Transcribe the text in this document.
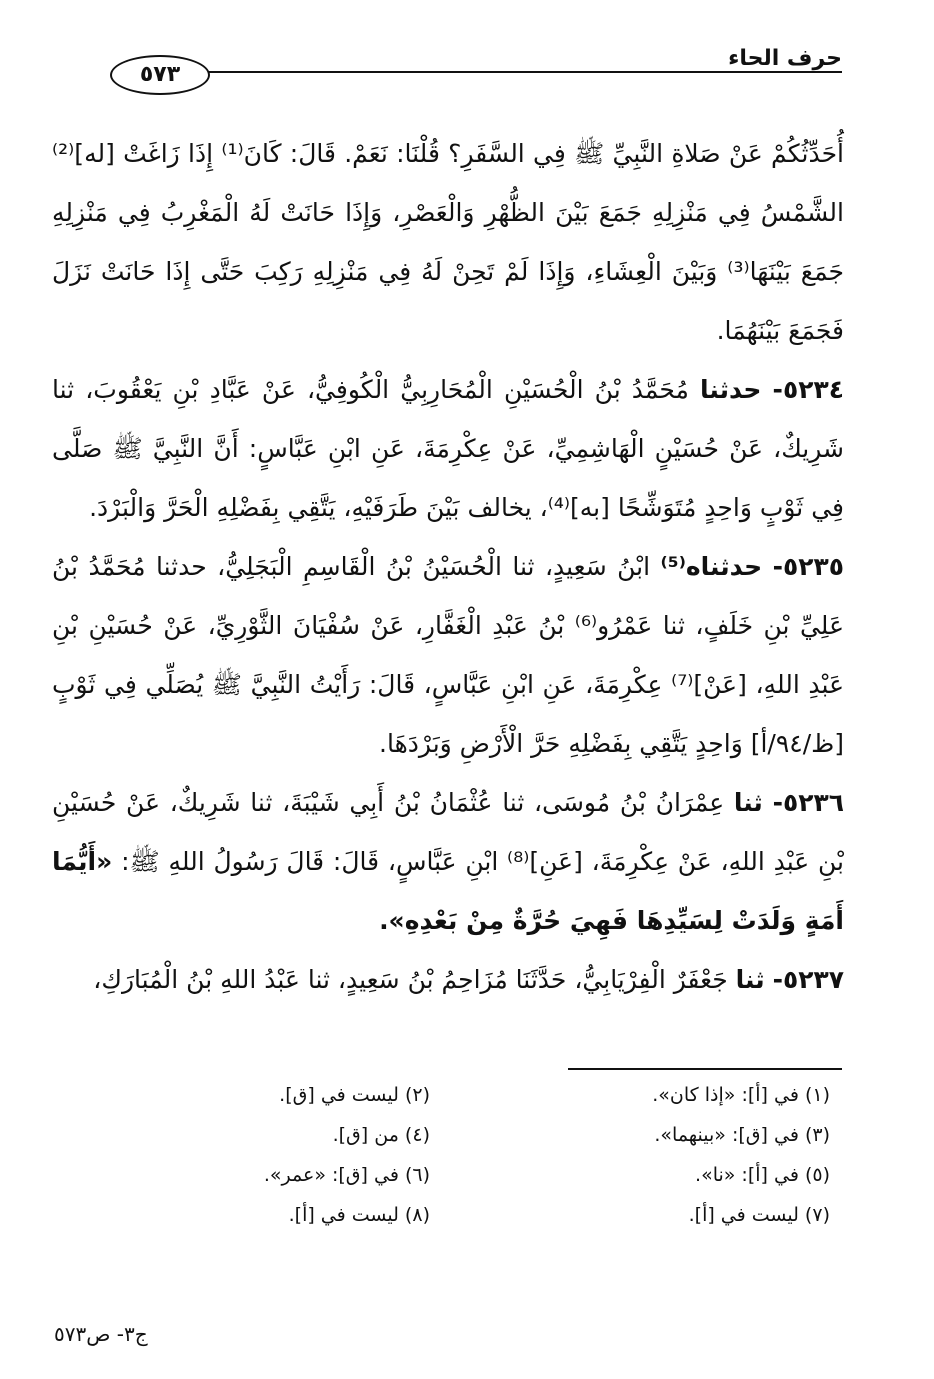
حرف الحاء
٥٧٣

أُحَدِّثُكُمْ عَنْ صَلاةِ النَّبِيِّ ﷺ فِي السَّفَرِ؟ قُلْنَا: نَعَمْ. قَالَ: كَانَ⁽¹⁾ إِذَا زَاغَتْ [له]⁽²⁾ الشَّمْسُ فِي مَنْزِلِهِ جَمَعَ بَيْنَ الظُّهْرِ وَالْعَصْرِ، وَإِذَا حَانَتْ لَهُ الْمَغْرِبُ فِي مَنْزِلِهِ جَمَعَ بَيْنَهَا⁽³⁾ وَبَيْنَ الْعِشَاءِ، وَإِذَا لَمْ تَحِنْ لَهُ فِي مَنْزِلِهِ رَكِبَ حَتَّى إِذَا حَانَتْ نَزَلَ فَجَمَعَ بَيْنَهُمَا.

٥٢٣٤- حدثنا مُحَمَّدُ بْنُ الْحُسَيْنِ الْمُحَارِبِيُّ الْكُوفِيُّ، عَنْ عَبَّادِ بْنِ يَعْقُوبَ، ثنا شَرِيكٌ، عَنْ حُسَيْنٍ الْهَاشِمِيِّ، عَنْ عِكْرِمَةَ، عَنِ ابْنِ عَبَّاسٍ: أَنَّ النَّبِيَّ ﷺ صَلَّى فِي ثَوْبٍ وَاحِدٍ مُتَوَشِّحًا [به]⁽⁴⁾، يخالف بَيْنَ طَرَفَيْهِ، يَتَّقِي بِفَضْلِهِ الْحَرَّ وَالْبَرْدَ.

٥٢٣٥- حدثناه⁽⁵⁾ ابْنُ سَعِيدٍ، ثنا الْحُسَيْنُ بْنُ الْقَاسِمِ الْبَجَلِيُّ، حدثنا مُحَمَّدُ بْنُ عَلِيِّ بْنِ خَلَفٍ، ثنا عَمْرُو⁽⁶⁾ بْنُ عَبْدِ الْغَفَّارِ، عَنْ سُفْيَانَ الثَّوْرِيِّ، عَنْ حُسَيْنِ بْنِ عَبْدِ اللهِ، [عَنْ]⁽⁷⁾ عِكْرِمَةَ، عَنِ ابْنِ عَبَّاسٍ، قَالَ: رَأَيْتُ النَّبِيَّ ﷺ يُصَلِّي فِي ثَوْبٍ [ظ/٩٤/أ] وَاحِدٍ يَتَّقِي بِفَضْلِهِ حَرَّ الْأَرْضِ وَبَرْدَهَا.

٥٢٣٦- ثنا عِمْرَانُ بْنُ مُوسَى، ثنا عُثْمَانُ بْنُ أَبِي شَيْبَةَ، ثنا شَرِيكٌ، عَنْ حُسَيْنِ بْنِ عَبْدِ اللهِ، عَنْ عِكْرِمَةَ، [عَنِ]⁽⁸⁾ ابْنِ عَبَّاسٍ، قَالَ: قَالَ رَسُولُ اللهِ ﷺ: «أَيُّمَا أَمَةٍ وَلَدَتْ لِسَيِّدِهَا فَهِيَ حُرَّةٌ مِنْ بَعْدِهِ».

٥٢٣٧- ثنا جَعْفَرٌ الْفِرْيَابِيُّ، حَدَّثَنَا مُزَاحِمُ بْنُ سَعِيدٍ، ثنا عَبْدُ اللهِ بْنُ الْمُبَارَكِ،

(١) في [أ]: «إذا كان».
(٢) ليست في [ق].
(٣) في [ق]: «بينهما».
(٤) من [ق].
(٥) في [أ]: «نا».
(٦) في [ق]: «عمر».
(٧) ليست في [أ].
(٨) ليست في [أ].
ج٣- ص٥٧٣
